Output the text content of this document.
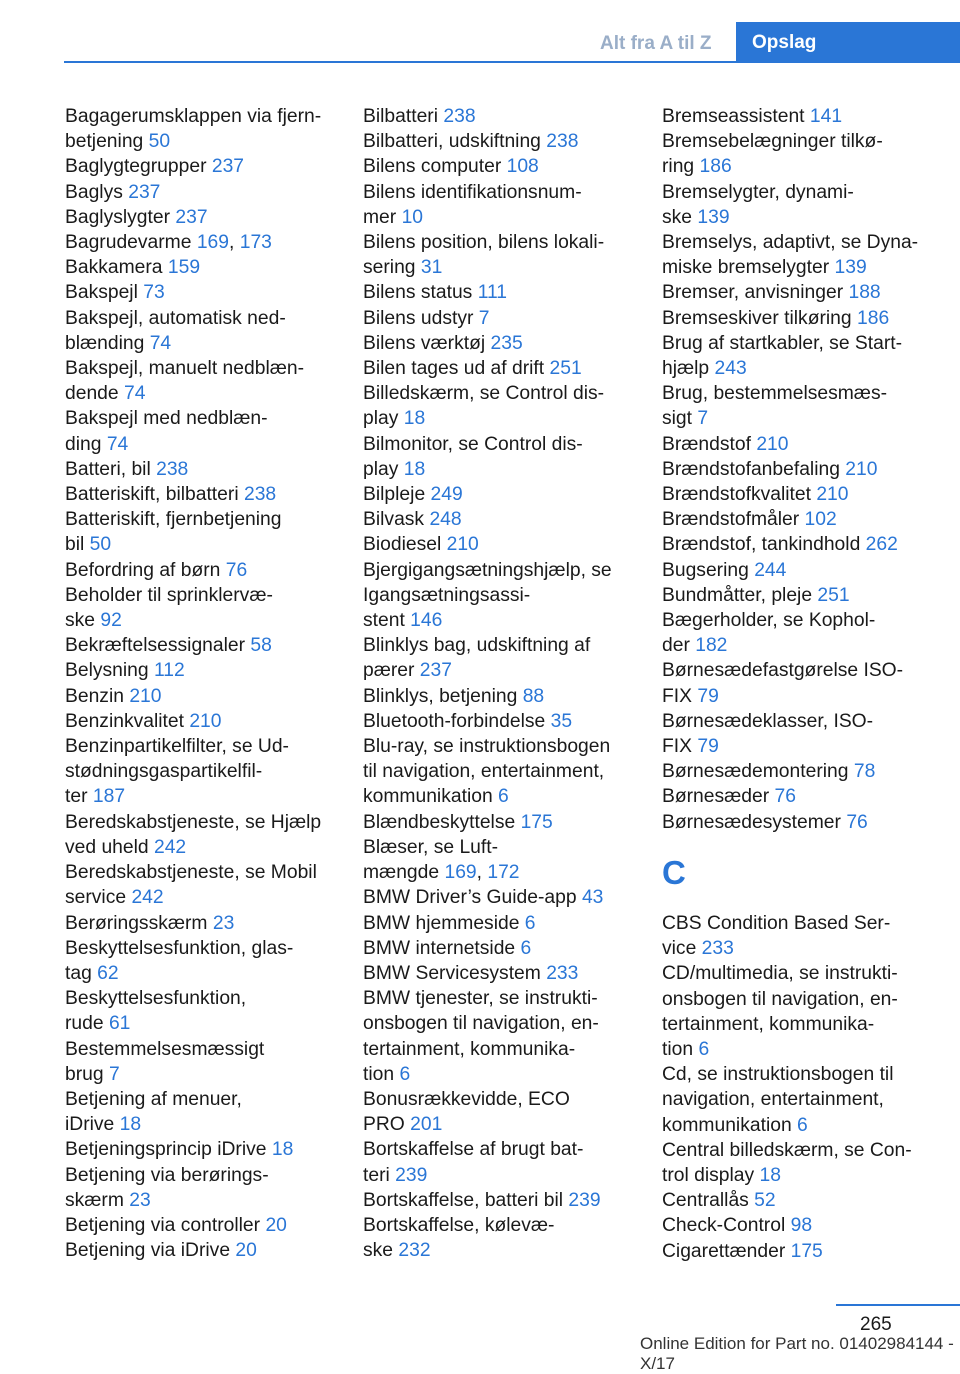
Alt fra A til Z	Opslag
Bagagerumsklappen via fjern-
betjening 50
Baglygtegrupper 237
Baglys 237
Baglyslygter 237
Bagrudevarme 169, 173
Bakkamera 159
Bakspejl 73
Bakspejl, automatisk ned-
blænding 74
Bakspejl, manuelt nedblæn-
dende 74
Bakspejl med nedblæn-
ding 74
Batteri, bil 238
Batteriskift, bilbatteri 238
Batteriskift, fjernbetjening
bil 50
Befordring af børn 76
Beholder til sprinklervæ-
ske 92
Bekræftelsessignaler 58
Belysning 112
Benzin 210
Benzinkvalitet 210
Benzinpartikelfilter, se Ud-
stødningsgaspartikelfil-
ter 187
Beredskabstjeneste, se Hjælp
ved uheld 242
Beredskabstjeneste, se Mobil
service 242
Berøringsskærm 23
Beskyttelsesfunktion, glas-
tag 62
Beskyttelsesfunktion,
rude 61
Bestemmelsesmæssigt
brug 7
Betjening af menuer,
iDrive 18
Betjeningsprincip iDrive 18
Betjening via berørings-
skærm 23
Betjening via controller 20
Betjening via iDrive 20
Bilbatteri 238
Bilbatteri, udskiftning 238
Bilens computer 108
Bilens identifikationsnum-
mer 10
Bilens position, bilens lokali-
sering 31
Bilens status 111
Bilens udstyr 7
Bilens værktøj 235
Bilen tages ud af drift 251
Billedskærm, se Control dis-
play 18
Bilmonitor, se Control dis-
play 18
Bilpleje 249
Bilvask 248
Biodiesel 210
Bjergigangsætningshjælp, se
Igangsætningsassi-
stent 146
Blinklys bag, udskiftning af
pærer 237
Blinklys, betjening 88
Bluetooth-forbindelse 35
Blu-ray, se instruktionsbogen
til navigation, entertainment,
kommunikation 6
Blændbeskyttelse 175
Blæser, se Luft-
mængde 169, 172
BMW Driver’s Guide-app 43
BMW hjemmeside 6
BMW internetside 6
BMW Servicesystem 233
BMW tjenester, se instrukti-
onsbogen til navigation, en-
tertainment, kommunika-
tion 6
Bonusrækkevidde, ECO
PRO 201
Bortskaffelse af brugt bat-
teri 239
Bortskaffelse, batteri bil 239
Bortskaffelse, kølevæ-
ske 232
Bremseassistent 141
Bremsebelægninger tilkø-
ring 186
Bremselygter, dynami-
ske 139
Bremselys, adaptivt, se Dyna-
miske bremselygter 139
Bremser, anvisninger 188
Bremseskiver tilkøring 186
Brug af startkabler, se Start-
hjælp 243
Brug, bestemmelsesmæs-
sigt 7
Brændstof 210
Brændstofanbefaling 210
Brændstofkvalitet 210
Brændstofmåler 102
Brændstof, tankindhold 262
Bugsering 244
Bundmåtter, pleje 251
Bægerholder, se Kophol-
der 182
Børnesædefastgørelse ISO-
FIX 79
Børnesædeklasser, ISO-
FIX 79
Børnesædemontering 78
Børnesæder 76
Børnesædesystemer 76
C
CBS Condition Based Ser-
vice 233
CD/multimedia, se instrukti-
onsbogen til navigation, en-
tertainment, kommunika-
tion 6
Cd, se instruktionsbogen til
navigation, entertainment,
kommunikation 6
Central billedskærm, se Con-
trol display 18
Centrallås 52
Check-Control 98
Cigarettænder 175
265
Online Edition for Part no. 01402984144 - X/17
